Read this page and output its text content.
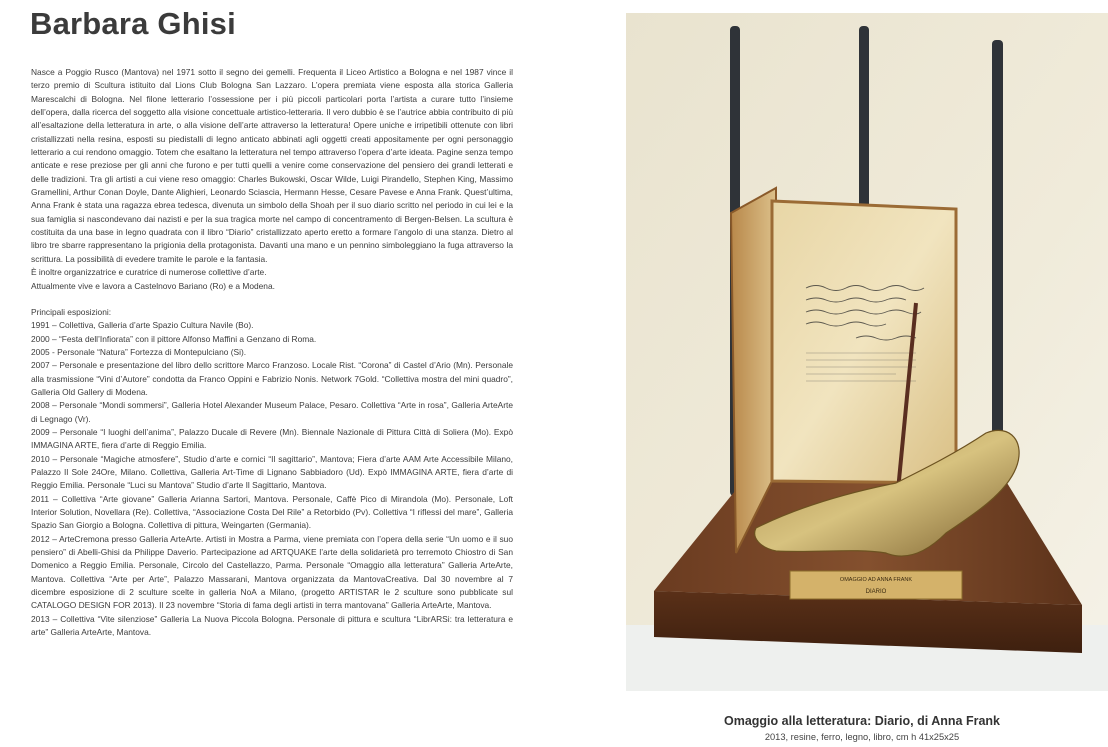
Barbara Ghisi

Nasce a Poggio Rusco (Mantova) nel 1971 sotto il segno dei gemelli. Frequenta il Liceo Artistico a Bologna e nel 1987 vince il terzo premio di Scultura istituito dal Lions Club Bologna San Lazzaro. L’opera premiata viene esposta alla storica Galleria Marescalchi di Bologna. Nel filone letterario l’ossessione per i più piccoli particolari porta l’artista a curare tutto l’insieme dell’opera, dalla ricerca del soggetto alla visione concettuale artistico-letteraria. Il vero dubbio è se l’autrice abbia contribuito di più all’esaltazione della letteratura in arte, o alla visione dell’arte attraverso la letteratura! Opere uniche e irripetibili ottenute con libri cristallizzati nella resina, esposti su piedistalli di legno anticato abbinati agli oggetti creati appositamente per ogni personaggio letterario a cui rendono omaggio. Totem che esaltano la letteratura nel tempo attraverso l’opera d’arte ideata. Pagine senza tempo anticate e rese preziose per gli anni che furono e per tutti quelli a venire come conservazione del pensiero dei grandi letterati e delle tradizioni. Tra gli artisti a cui viene reso omaggio: Charles Bukowski, Oscar Wilde, Luigi Pirandello, Stephen King, Massimo Gramellini, Arthur Conan Doyle, Dante Alighieri, Leonardo Sciascia, Hermann Hesse, Cesare Pavese e Anna Frank. Quest’ultima, Anna Frank è stata una ragazza ebrea tedesca, divenuta un simbolo della Shoah per il suo diario scritto nel periodo in cui lei e la sua famiglia si nascondevano dai nazisti e per la sua tragica morte nel campo di concentramento di Bergen-Belsen. La scultura è costituita da una base in legno quadrata con il libro “Diario” cristallizzato aperto eretto a formare l’angolo di una stanza. Dietro al libro tre sbarre rappresentano la prigionia della protagonista. Davanti una mano e un pennino simboleggiano la fuga attraverso la scrittura. La possibilità di evedere tramite le parole e la fantasia.

È inoltre organizzatrice e curatrice di numerose collettive d’arte.

Attualmente vive e lavora a Castelnovo Bariano (Ro) e a Modena.

Principali esposizioni:

1991 – Collettiva, Galleria d’arte Spazio Cultura Navile (Bo).

2000 – “Festa dell’Infiorata” con il pittore Alfonso Maffini a Genzano di Roma.

2005 - Personale “Natura” Fortezza di Montepulciano (Si).

2007 – Personale e presentazione del libro dello scrittore Marco Franzoso. Locale Rist. “Corona” di Castel d’Ario (Mn). Personale alla trasmissione “Vini d’Autore” condotta da Franco Oppini e Fabrizio Nonis. Network 7Gold. “Collettiva mostra del mini quadro”, Galleria Old Gallery di Modena.

2008 – Personale “Mondi sommersi”, Galleria Hotel Alexander Museum Palace, Pesaro. Collettiva “Arte in rosa”, Galleria ArteArte di Legnago (Vr).

2009 – Personale “I luoghi dell’anima”, Palazzo Ducale di Revere (Mn). Biennale Nazionale di Pittura Città di Soliera (Mo). Expò IMMAGINA ARTE, fiera d’arte di Reggio Emilia.

2010 – Personale “Magiche atmosfere”, Studio d’arte e cornici “Il sagittario”, Mantova; Fiera d’arte AAM Arte Accessibile Milano, Palazzo Il Sole 24Ore, Milano. Collettiva, Galleria Art-Time di Lignano Sabbiadoro (Ud). Expò IMMAGINA ARTE, fiera d’arte di Reggio Emilia. Personale “Luci su Mantova” Studio d’arte Il Sagittario, Mantova.

2011 – Collettiva “Arte giovane” Galleria Arianna Sartori, Mantova. Personale, Caffè Pico di Mirandola (Mo). Personale, Loft Interior Solution, Novellara (Re). Collettiva, “Associazione Costa Del Rile” a Retorbido (Pv). Collettiva “I riflessi del mare”, Galleria Spazio San Giorgio a Bologna. Collettiva di pittura, Weingarten (Germania).

2012 – ArteCremona presso Galleria ArteArte. Artisti in Mostra a Parma, viene premiata con l’opera della serie “Un uomo e il suo pensiero” di Abelli-Ghisi da Philippe Daverio. Partecipazione ad ARTQUAKE l’arte della solidarietà pro terremoto Chiostro di San Domenico a Reggio Emilia. Personale, Circolo del Castellazzo, Parma. Personale “Omaggio alla letteratura” Galleria ArteArte, Mantova. Collettiva “Arte per Arte”, Palazzo Massarani, Mantova organizzata da MantovaCreativa. Dal 30 novembre al 7 dicembre esposizione di 2 sculture scelte in galleria NoA a Milano, (progetto ARTISTAR le 2 sculture sono pubblicate sul CATALOGO DESIGN FOR 2013). Il 23 novembre “Storia di fama degli artisti in terra mantovana” Galleria ArteArte, Mantova.

2013 – Collettiva “Vite silenziose” Galleria La Nuova Piccola Bologna. Personale di pittura e scultura “LibrARSi: tra letteratura e arte” Galleria ArteArte, Mantova.

OMAGGIO AD ANNA FRANK
DIARIO
Omaggio alla letteratura: Diario, di Anna Frank
2013, resine, ferro, legno, libro, cm h 41x25x25
